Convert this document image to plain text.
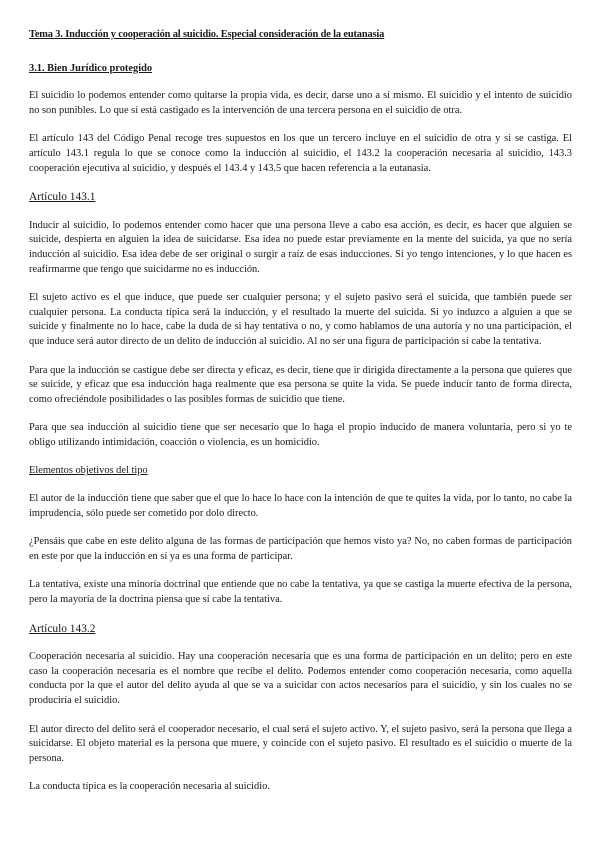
Tema 3. Inducción y cooperación al suicidio. Especial consideración de la eutanasia
3.1. Bien Jurídico protegido

El suicidio lo podemos entender como quitarse la propia vida, es decir, darse uno a sí mismo. El suicidio y el intento de suicidio no son punibles. Lo que sí está castigado es la intervención de una tercera persona en el suicidio de otra.

El artículo 143 del Código Penal recoge tres supuestos en los que un tercero incluye en el suicidio de otra y si se castiga. El artículo 143.1 regula lo que se conoce como la inducción al suicidio, el 143.2 la cooperación necesaria al suicidio, 143.3 cooperación ejecutiva al suicidio, y después el 143.4 y 143.5 que hacen referencia a la eutanasia.

Artículo 143.1

Inducir al suicidio, lo podemos entender como hacer que una persona lleve a cabo esa acción, es decir, es hacer que alguien se suicide, despierta en alguien la idea de suicidarse. Esa idea no puede estar previamente en la mente del suicida, ya que no sería inducción al suicidio. Esa idea debe de ser original o surgir a raíz de esas inducciones. Si yo tengo intenciones, y lo que hacen es reafirmarme que tengo que suicidarme no es inducción.

El sujeto activo es el que induce, que puede ser cualquier persona; y el sujeto pasivo será el suicida, que también puede ser cualquier persona. La conducta típica será la inducción, y el resultado la muerte del suicida. Si yo induzco a alguien a que se suicide y finalmente no lo hace, cabe la duda de si hay tentativa o no, y como hablamos de una autoría y no una participación, el que induce será autor directo de un delito de inducción al suicidio. Al no ser una figura de participación sí cabe la tentativa.

Para que la inducción se castigue debe ser directa y eficaz, es decir, tiene que ir dirigida directamente a la persona que quieres que se suicide, y eficaz que esa inducción haga realmente que esa persona se quite la vida. Se puede inducir tanto de forma directa, como ofreciéndole posibilidades o las posibles formas de suicidio que tiene.

Para que sea inducción al suicidio tiene que ser necesario que lo haga el propio inducido de manera voluntaria, pero si yo te obligo utilizando intimidación, coacción o violencia, es un homicidio.

Elementos objetivos del tipo

El autor de la inducción tiene que saber que el que lo hace lo hace con la intención de que te quites la vida, por lo tanto, no cabe la imprudencia, sólo puede ser cometido por dolo directo.

¿Pensáis que cabe en este delito alguna de las formas de participación que hemos visto ya? No, no caben formas de participación en este por que la inducción en sí ya es una forma de participar.

La tentativa, existe una minoría doctrinal que entiende que no cabe la tentativa, ya que se castiga la muerte efectiva de la persona, pero la mayoría de la doctrina piensa que sí cabe la tentativa.

Artículo 143.2

Cooperación necesaria al suicidio. Hay una cooperación necesaria que es una forma de participación en un delito; pero en este caso la cooperación necesaria es el nombre que recibe el delito. Podemos entender como cooperación necesaria, como aquella conducta por la que el autor del delito ayuda al que se va a suicidar con actos necesarios para el suicidio, y sin los cuales no se produciría el suicidio.

El autor directo del delito será el cooperador necesario, el cual será el sujeto activo. Y, el sujeto pasivo, será la persona que llega a suicidarse. El objeto material es la persona que muere, y coincide con el sujeto pasivo. El resultado es el suicidio o muerte de la persona.

La conducta típica es la cooperación necesaria al suicidio.
